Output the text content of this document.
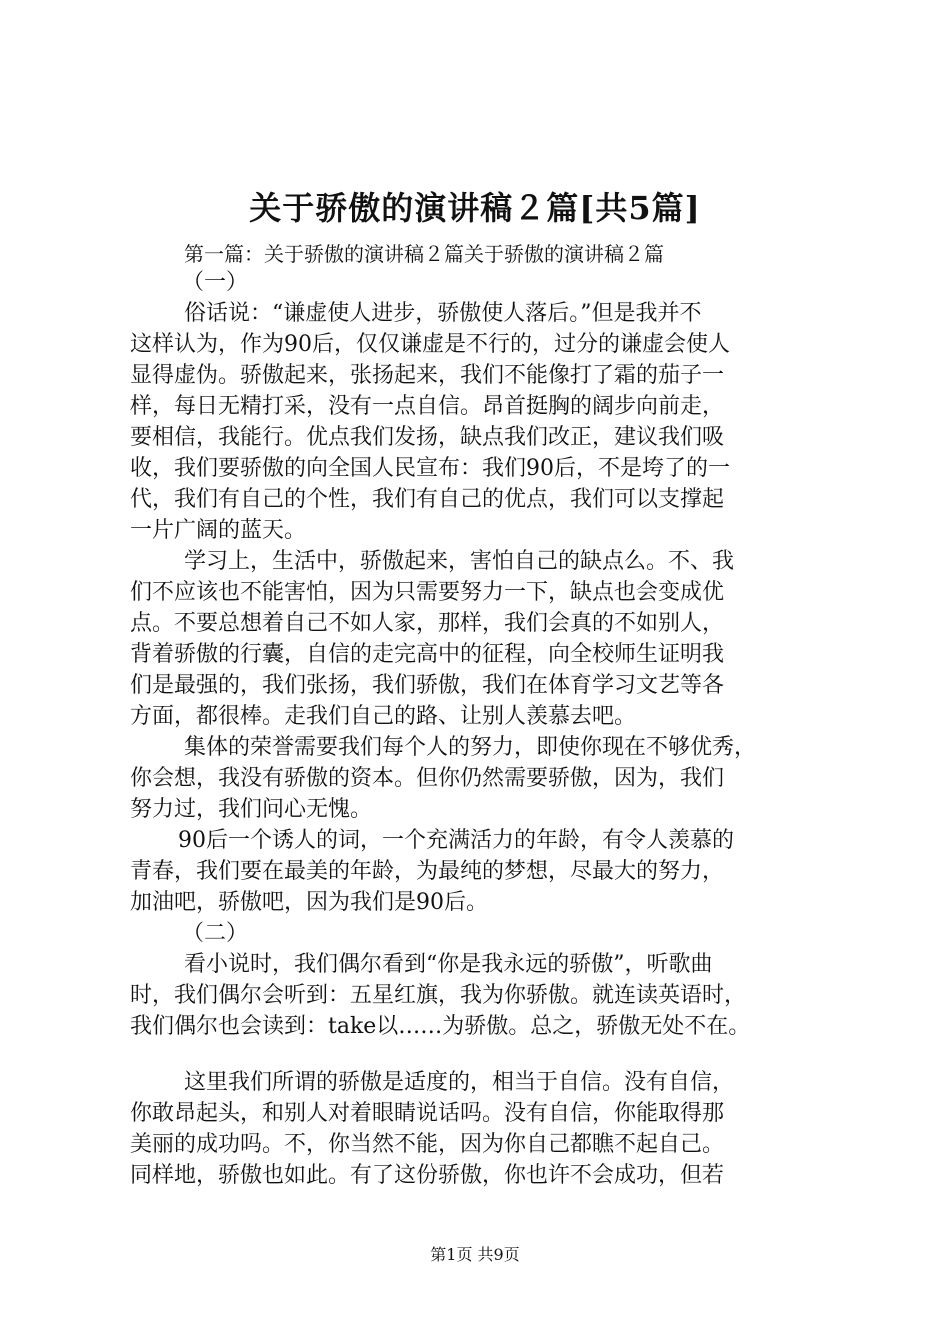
关于骄傲的演讲稿２篇[共5篇]
第一篇：关于骄傲的演讲稿２篇关于骄傲的演讲稿２篇
（一）
俗话说：“谦虚使人进步，骄傲使人落后。”但是我并不
这样认为，作为90后，仅仅谦虚是不行的，过分的谦虚会使人
显得虚伪。骄傲起来，张扬起来，我们不能像打了霜的茄子一
样，每日无精打采，没有一点自信。昂首挺胸的阔步向前走，
要相信，我能行。优点我们发扬，缺点我们改正，建议我们吸
收，我们要骄傲的向全国人民宣布：我们90后，不是垮了的一
代，我们有自己的个性，我们有自己的优点，我们可以支撑起
一片广阔的蓝天。
学习上，生活中，骄傲起来，害怕自己的缺点么。不、我
们不应该也不能害怕，因为只需要努力一下，缺点也会变成优
点。不要总想着自己不如人家，那样，我们会真的不如别人，
背着骄傲的行囊，自信的走完高中的征程，向全校师生证明我
们是最强的，我们张扬，我们骄傲，我们在体育学习文艺等各
方面，都很棒。走我们自己的路、让别人羡慕去吧。
集体的荣誉需要我们每个人的努力，即使你现在不够优秀，
你会想，我没有骄傲的资本。但你仍然需要骄傲，因为，我们
努力过，我们问心无愧。
90后一个诱人的词，一个充满活力的年龄，有令人羡慕的
青春，我们要在最美的年龄，为最纯的梦想，尽最大的努力，
加油吧，骄傲吧，因为我们是90后。
（二）
看小说时，我们偶尔看到“你是我永远的骄傲”，听歌曲
时，我们偶尔会听到：五星红旗，我为你骄傲。就连读英语时，
我们偶尔也会读到：take以……为骄傲。总之，骄傲无处不在。
这里我们所谓的骄傲是适度的，相当于自信。没有自信，
你敢昂起头，和别人对着眼睛说话吗。没有自信，你能取得那
美丽的成功吗。不，你当然不能，因为你自己都瞧不起自己。
同样地，骄傲也如此。有了这份骄傲，你也许不会成功，但若
第1页 共9页
